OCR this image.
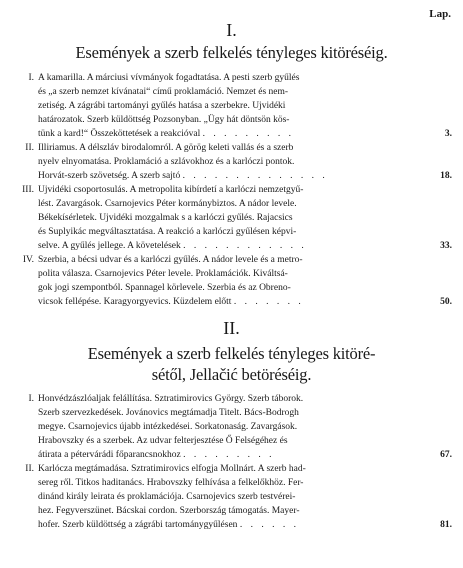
Lap.
I.
Események a szerb felkelés tényleges kitöréséig.
I. A kamarilla. A márciusi vívmányok fogadtatása. A pesti szerb gyűlés
és „a szerb nemzet kívánatai“ című proklamáció. Nemzet és nem-
zetiség. A zágrábi tartományi gyűlés hatása a szerbekre. Ujvidéki
határozatok. Szerb küldöttség Pozsonyban. „Ügy hát döntsön kös-
tünk a kard!“ Összeköttetések a reakcióval . . . . . . . . .	3.
II. Illiriamus. A délszláv birodalomról. A görög keleti vallás és a szerb
nyelv elnyomatása. Proklamáció a szlávokhoz és a karlóczi pontok.
Horvát-szerb szövetség. A szerb sajtó . . . . . . . . . . . . . .	18.
III. Ujvidéki csoportosulás. A metropolita kibírdetí a karlóczi nemzetgyű-
lést. Zavargások. Csarnojevics Péter kormánybiztos. A nádor levele.
Békekísérletek. Ujvidéki mozgalmak s a karlóczi gyűlés. Rajacsics
és Suplyikác megváltasztatása. A reakció a karlóczi gyűlésen képvi-
selve. A gyűlés jellege. A követelések . . . . . . . . . . . .	33.
IV. Szerbia, a bécsi udvar és a karlóczi gyűlés. A nádor levele és a metro-
polita válasza. Csarnojevics Péter levele. Proklamációk. Kiváltsá-
gok jogi szempontból. Spannagel körlevele. Szerbia és az Obreno-
vicsok fellépése. Karagyorgyevics. Küzdelem előtt . . . . . . .	50.
II.
Események a szerb felkelés tényleges kitöré-
sétől, Jellačić betöréséig.
I. Honvédzászlóaljak felállítása. Sztratimirovics György. Szerb táborok.
Szerb szervezkedések. Jovánovics megtámadja Titelt. Bács-Bodrogh
megye. Csarnojevics újabb intézkedései. Sorkatonaság. Zavargások.
Hrabovszky és a szerbek. Az udvar felterjesztése Ő Felségéhez és
átirata a pétervárádi főparancsnokhoz . . . . . . . . .	67.
II. Karlócza megtámadása. Sztratimirovics elfogja Mollnárt. A szerb had-
sereg ről. Titkos haditanács. Hrabovszky felhívása a felkelőkhöz. Fer-
dinánd király leirata és proklamációja. Csarnojevics szerb testvérei-
hez. Fegyverszünet. Bácskai cordon. Szerbország támogatás. Mayer-
hofer. Szerb küldöttség a zágrábi tartománygyűlésen . . . . . .	81.
